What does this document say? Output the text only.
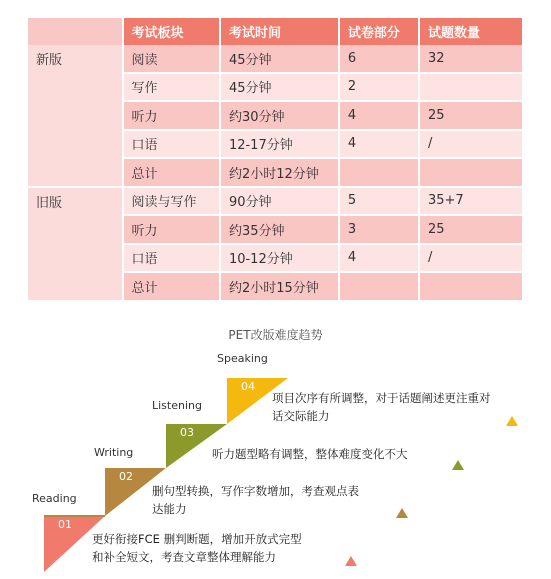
	考试板块	考试时间	试卷部分	试题数量
新版	阅读	45分钟	6	32
	写作	45分钟	2	
	听力	约30分钟	4	25
	口语	12-17分钟	4	/
	总计	约2小时12分钟		
旧版	阅读与写作	90分钟	5	35+7
	听力	约35分钟	3	25
	口语	10-12分钟	4	/
	总计	约2小时15分钟		
PET改版难度趋势
01
Reading
更好衔接FCE 删判断题，增加开放式完型
和补全短文，考查文章整体理解能力
02
Writing
删句型转换，写作字数增加，考查观点表
达能力
03
Listening
听力题型略有调整，整体难度变化不大
04
Speaking
项目次序有所调整，对于话题阐述更注重对
话交际能力
